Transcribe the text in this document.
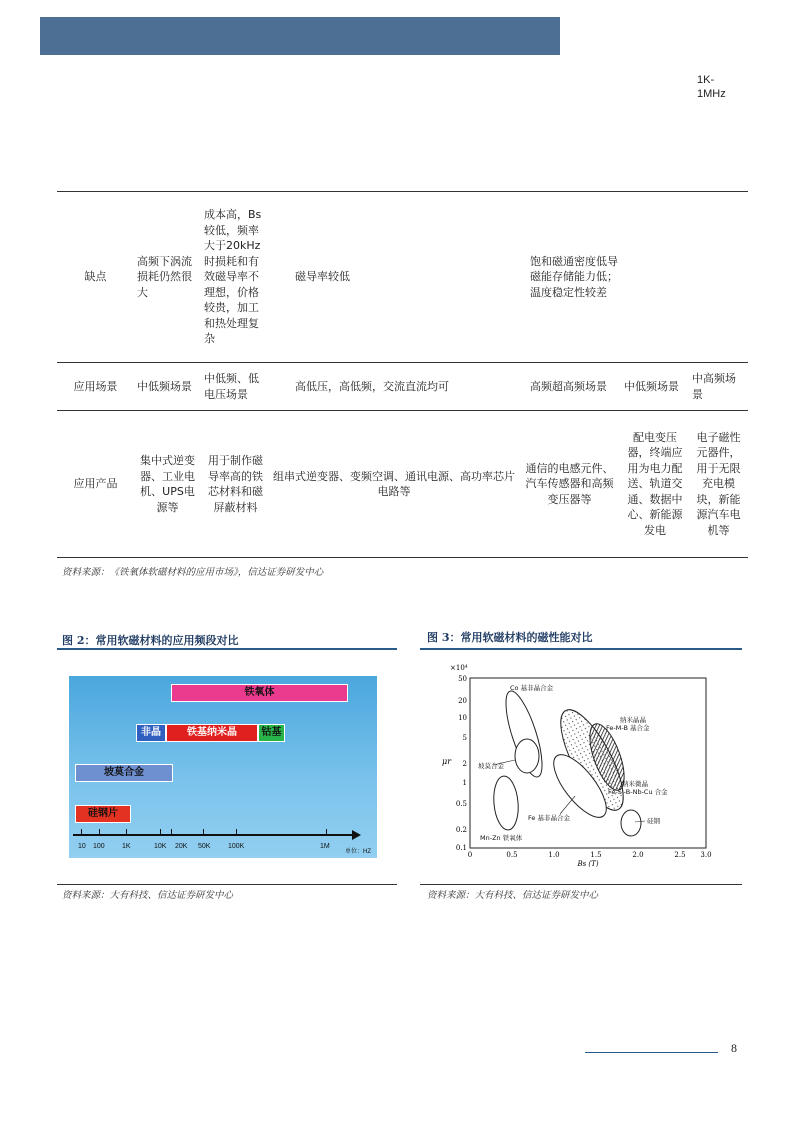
1K-
1MHz
缺点	高频下涡流损耗仍然很大	成本高，Bs较低，频率大于20kHz时损耗和有效磁导率不理想，价格较贵，加工和热处理复杂	磁导率较低	饱和磁通密度低导磁能存储能力低；温度稳定性较差		
应用场景	中低频场景	中低频、低电压场景	高低压，高低频，交流直流均可	高频超高频场景	中低频场景	中高频场景
应用产品	集中式逆变器、工业电机、UPS电源等	用于制作磁导率高的铁芯材料和磁屏蔽材料	组串式逆变器、变频空调、通讯电源、高功率芯片电路等	通信的电感元件、汽车传感器和高频变压器等	配电变压器，终端应用为电力配送、轨道交通、数据中心、新能源发电	电子磁性元器件，用于无限充电模块，新能源汽车电机等
资料来源：《铁氧体软磁材料的应用市场》，信达证券研发中心
图 2：常用软磁材料的应用频段对比
铁氧体
非晶	铁基纳米晶	钴基
坡莫合金
硅钢片
10 100 1K	10K 20K 50K	100K	1M
单位：HZ
资料来源：大有科技、信达证券研发中心
图 3：常用软磁材料的磁性能对比
×10⁴
μr
50
20
10
5
2
1
0.5
0.2
0.1
0	0.5	1.0	1.5	2.0	2.5 3.0
Bs (T)
Co 基非晶合金
纳米晶晶 Fe-M-B 基合金
坡莫合金
纳米微晶 Fe-Si-B-Nb-Cu 合金
Fe 基非晶合金	硅钢
Mn-Zn 铁氧体
资料来源：大有科技、信达证券研发中心
8
